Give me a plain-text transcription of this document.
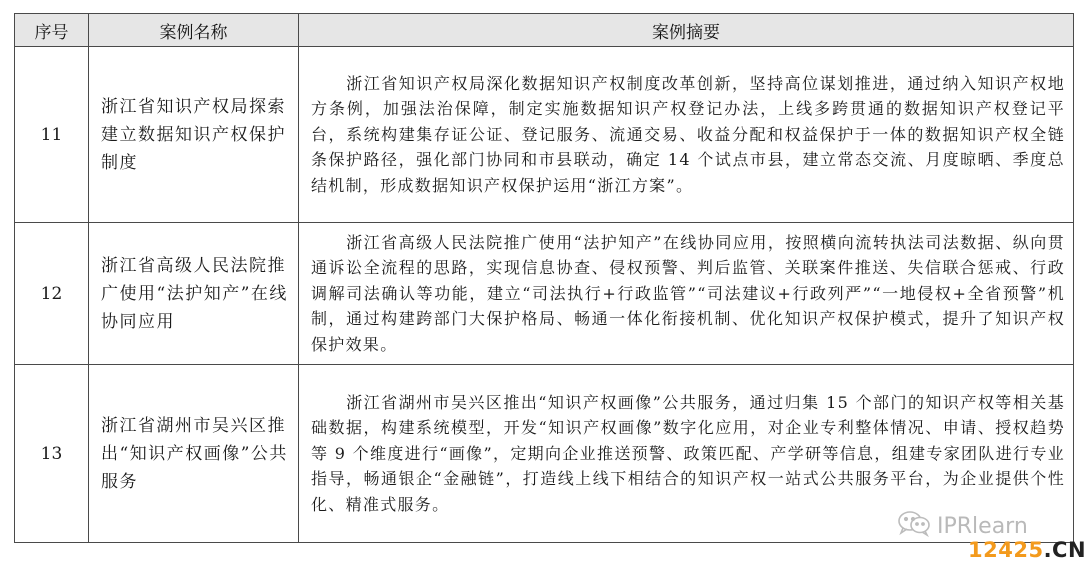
序号	案例名称	案例摘要
11	浙江省知识产权局探索建立数据知识产权保护制度	浙江省知识产权局深化数据知识产权制度改革创新，坚持高位谋划推进，通过纳入知识产权地方条例，加强法治保障，制定实施数据知识产权登记办法，上线多跨贯通的数据知识产权登记平台，系统构建集存证公证、登记服务、流通交易、收益分配和权益保护于一体的数据知识产权全链条保护路径，强化部门协同和市县联动，确定 14 个试点市县，建立常态交流、月度晾晒、季度总结机制，形成数据知识产权保护运用“浙江方案”。

12	浙江省高级人民法院推广使用“法护知产”在线协同应用	浙江省高级人民法院推广使用“法护知产”在线协同应用，按照横向流转执法司法数据、纵向贯通诉讼全流程的思路，实现信息协查、侵权预警、判后监管、关联案件推送、失信联合惩戒、行政调解司法确认等功能，建立“司法执行+行政监管”“司法建议+行政列严”“一地侵权+全省预警”机制，通过构建跨部门大保护格局、畅通一体化衔接机制、优化知识产权保护模式，提升了知识产权保护效果。

13	浙江省湖州市吴兴区推出“知识产权画像”公共服务	浙江省湖州市吴兴区推出“知识产权画像”公共服务，通过归集 15 个部门的知识产权等相关基础数据，构建系统模型，开发“知识产权画像”数字化应用，对企业专利整体情况、申请、授权趋势等 9 个维度进行“画像”，定期向企业推送预警、政策匹配、产学研等信息，组建专家团队进行专业指导，畅通银企“金融链”，打造线上线下相结合的知识产权一站式公共服务平台，为企业提供个性化、精准式服务。

IPRlearn
12425.CN
